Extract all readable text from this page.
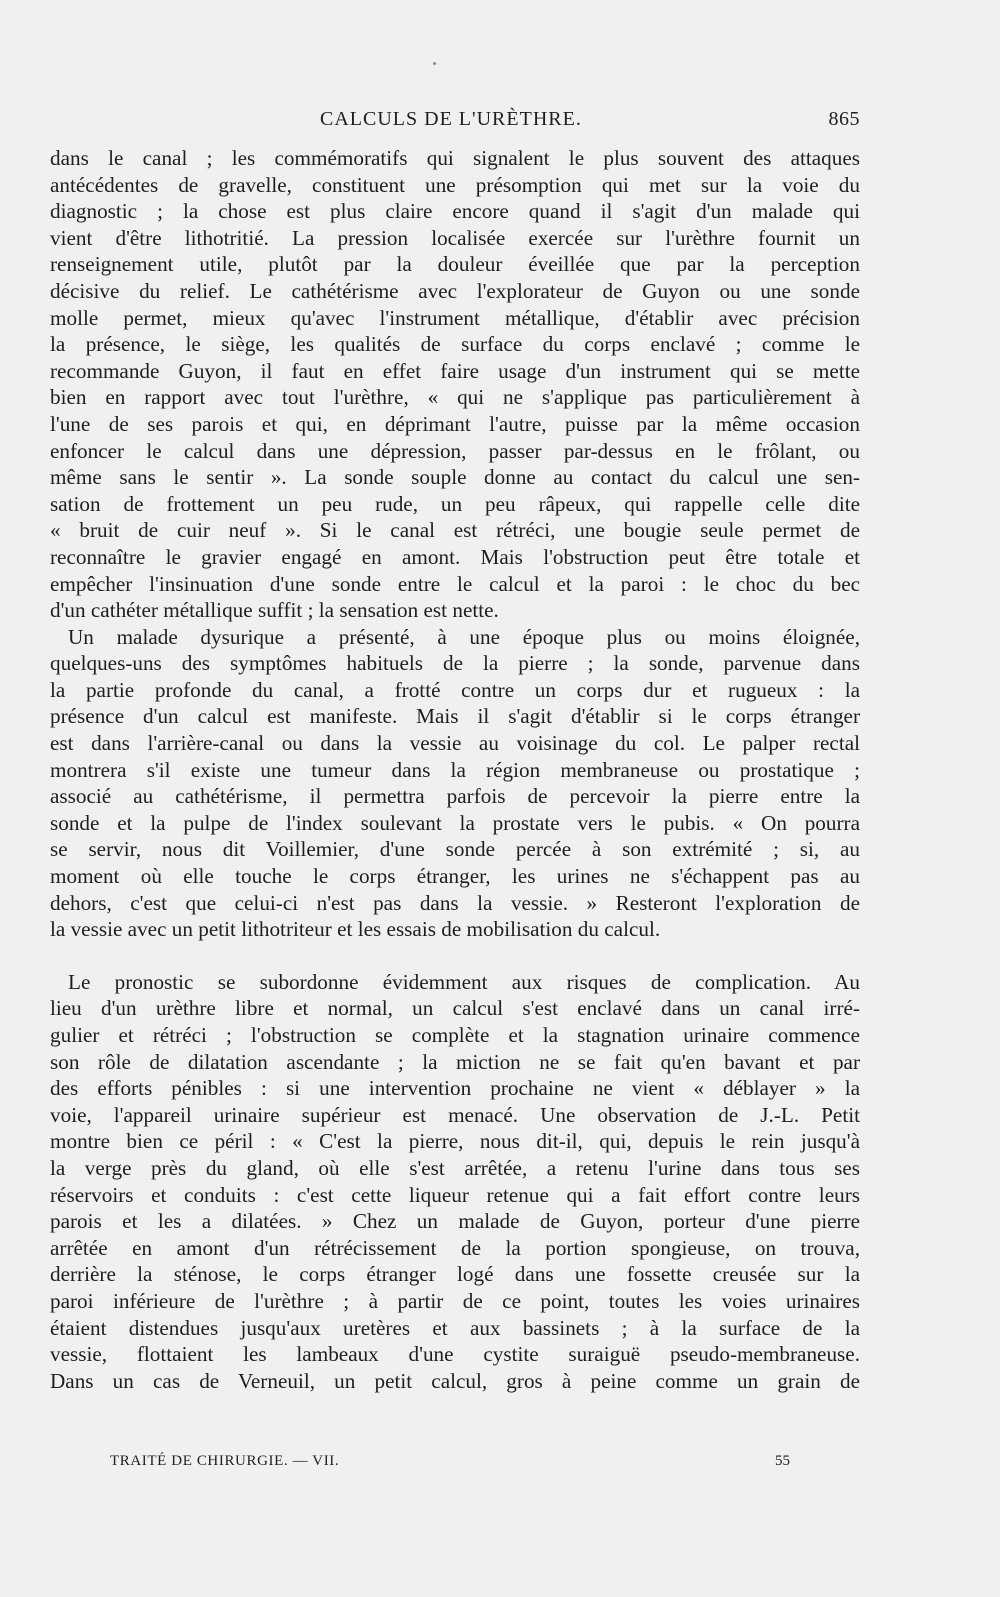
CALCULS DE L'URÈTHRE.	865

dans le canal ; les commémoratifs qui signalent le plus souvent des attaques
antécédentes de gravelle, constituent une présomption qui met sur la voie du
diagnostic ; la chose est plus claire encore quand il s'agit d'un malade qui
vient d'être lithotritié. La pression localisée exercée sur l'urèthre fournit un
renseignement utile, plutôt par la douleur éveillée que par la perception
décisive du relief. Le cathétérisme avec l'explorateur de Guyon ou une sonde
molle permet, mieux qu'avec l'instrument métallique, d'établir avec précision
la présence, le siège, les qualités de surface du corps enclavé ; comme le
recommande Guyon, il faut en effet faire usage d'un instrument qui se mette
bien en rapport avec tout l'urèthre, « qui ne s'applique pas particulièrement à
l'une de ses parois et qui, en déprimant l'autre, puisse par la même occasion
enfoncer le calcul dans une dépression, passer par-dessus en le frôlant, ou
même sans le sentir ». La sonde souple donne au contact du calcul une sen-
sation de frottement un peu rude, un peu râpeux, qui rappelle celle dite
« bruit de cuir neuf ». Si le canal est rétréci, une bougie seule permet de
reconnaître le gravier engagé en amont. Mais l'obstruction peut être totale et
empêcher l'insinuation d'une sonde entre le calcul et la paroi : le choc du bec
d'un cathéter métallique suffit ; la sensation est nette.

Un malade dysurique a présenté, à une époque plus ou moins éloignée,
quelques-uns des symptômes habituels de la pierre ; la sonde, parvenue dans
la partie profonde du canal, a frotté contre un corps dur et rugueux : la
présence d'un calcul est manifeste. Mais il s'agit d'établir si le corps étranger
est dans l'arrière-canal ou dans la vessie au voisinage du col. Le palper rectal
montrera s'il existe une tumeur dans la région membraneuse ou prostatique ;
associé au cathétérisme, il permettra parfois de percevoir la pierre entre la
sonde et la pulpe de l'index soulevant la prostate vers le pubis. « On pourra
se servir, nous dit Voillemier, d'une sonde percée à son extrémité ; si, au
moment où elle touche le corps étranger, les urines ne s'échappent pas au
dehors, c'est que celui-ci n'est pas dans la vessie. » Resteront l'exploration de
la vessie avec un petit lithotriteur et les essais de mobilisation du calcul.

Le pronostic se subordonne évidemment aux risques de complication. Au
lieu d'un urèthre libre et normal, un calcul s'est enclavé dans un canal irré-
gulier et rétréci ; l'obstruction se complète et la stagnation urinaire commence
son rôle de dilatation ascendante ; la miction ne se fait qu'en bavant et par
des efforts pénibles : si une intervention prochaine ne vient « déblayer » la
voie, l'appareil urinaire supérieur est menacé. Une observation de J.-L. Petit
montre bien ce péril : « C'est la pierre, nous dit-il, qui, depuis le rein jusqu'à
la verge près du gland, où elle s'est arrêtée, a retenu l'urine dans tous ses
réservoirs et conduits : c'est cette liqueur retenue qui a fait effort contre leurs
parois et les a dilatées. » Chez un malade de Guyon, porteur d'une pierre
arrêtée en amont d'un rétrécissement de la portion spongieuse, on trouva,
derrière la sténose, le corps étranger logé dans une fossette creusée sur la
paroi inférieure de l'urèthre ; à partir de ce point, toutes les voies urinaires
étaient distendues jusqu'aux uretères et aux bassinets ; à la surface de la
vessie, flottaient les lambeaux d'une cystite suraiguë pseudo-membraneuse.
Dans un cas de Verneuil, un petit calcul, gros à peine comme un grain de

TRAITÉ DE CHIRURGIE. — VII.	55
